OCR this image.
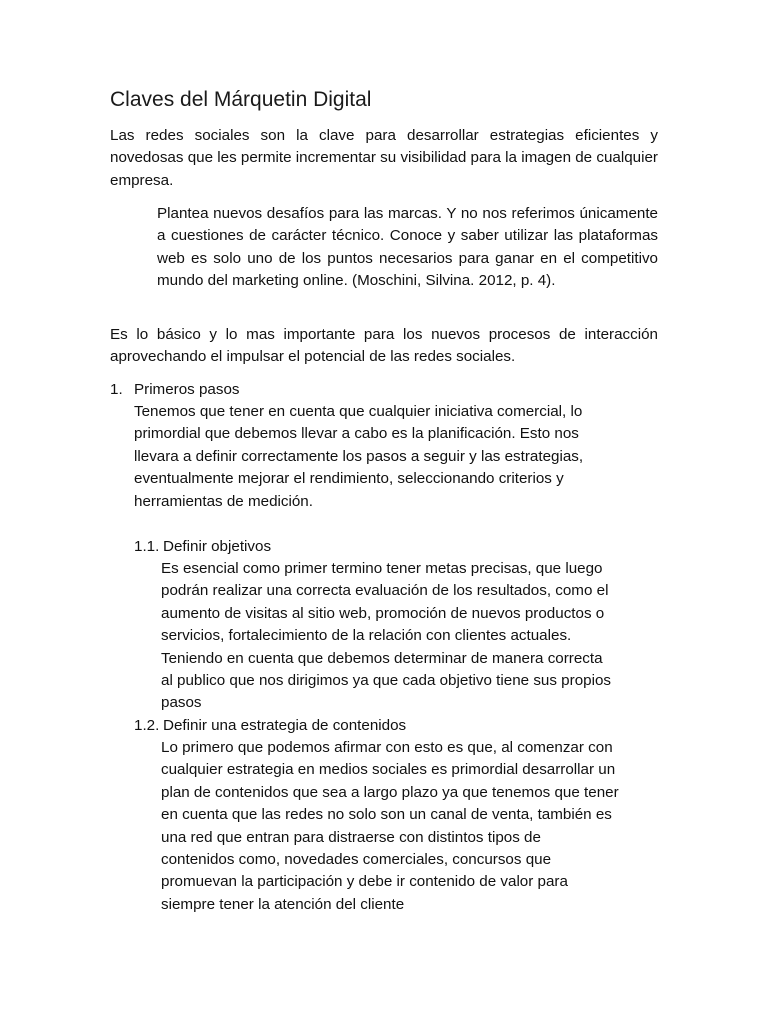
Claves del Márquetin Digital

Las redes sociales son la clave para desarrollar estrategias eficientes y novedosas que les permite incrementar su visibilidad para la imagen de cualquier empresa.

Plantea nuevos desafíos para las marcas. Y no nos referimos únicamente a cuestiones de carácter técnico. Conoce y saber utilizar las plataformas web es solo uno de los puntos necesarios para ganar en el competitivo mundo del marketing online. (Moschini, Silvina. 2012, p. 4).

Es lo básico y lo mas importante para los nuevos procesos de interacción aprovechando el impulsar el potencial de las redes sociales.

1. Primeros pasos
Tenemos que tener en cuenta que cualquier iniciativa comercial, lo
primordial que debemos llevar a cabo es la planificación. Esto nos
llevara a definir correctamente los pasos a seguir y las estrategias,
eventualmente mejorar el rendimiento, seleccionando criterios y
herramientas de medición.
1.1. Definir objetivos
Es esencial como primer termino tener metas precisas, que luego
podrán realizar una correcta evaluación de los resultados, como el
aumento de visitas al sitio web, promoción de nuevos productos o
servicios, fortalecimiento de la relación con clientes actuales.
Teniendo en cuenta que debemos determinar de manera correcta
al publico que nos dirigimos ya que cada objetivo tiene sus propios
pasos
1.2. Definir una estrategia de contenidos
Lo primero que podemos afirmar con esto es que, al comenzar con
cualquier estrategia en medios sociales es primordial desarrollar un
plan de contenidos que sea a largo plazo ya que tenemos que tener
en cuenta que las redes no solo son un canal de venta, también es
una red que entran para distraerse con distintos tipos de
contenidos como, novedades comerciales, concursos que
promuevan la participación y debe ir contenido de valor para
siempre tener la atención del cliente
